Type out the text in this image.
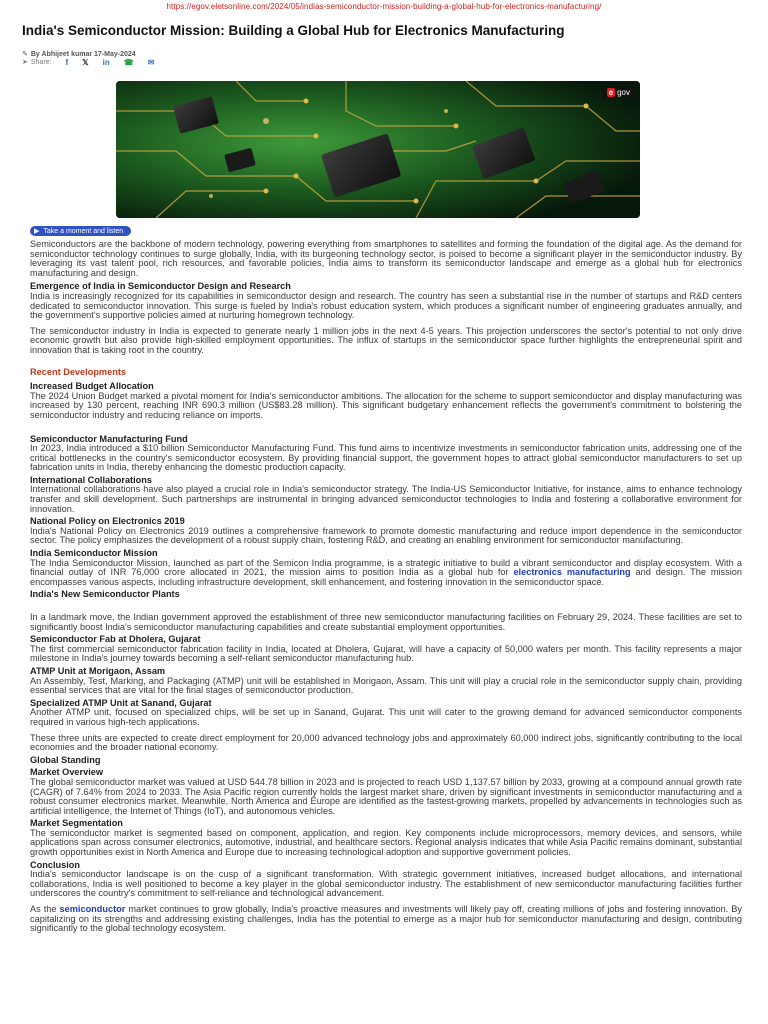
https://egov.eletsonline.com/2024/05/indias-semiconductor-mission-building-a-global-hub-for-electronics-manufacturing/
India's Semiconductor Mission: Building a Global Hub for Electronics Manufacturing
✎ By Abhijeet kumar 17-May-2024
➤ Share: f 𝕏 in ☎ ✉
e gov
▶ Take a moment and listen

Semiconductors are the backbone of modern technology, powering everything from smartphones to satellites and forming the foundation of the digital age. As the demand for semiconductor technology continues to surge globally, India, with its burgeoning technology sector, is poised to become a significant player in the semiconductor industry. By leveraging its vast talent pool, rich resources, and favorable policies, India aims to transform its semiconductor landscape and emerge as a global hub for electronics manufacturing and design.

Emergence of India in Semiconductor Design and Research

India is increasingly recognized for its capabilities in semiconductor design and research. The country has seen a substantial rise in the number of startups and R&D centers dedicated to semiconductor innovation. This surge is fueled by India's robust education system, which produces a significant number of engineering graduates annually, and the government's supportive policies aimed at nurturing homegrown technology.

The semiconductor industry in India is expected to generate nearly 1 million jobs in the next 4-5 years. This projection underscores the sector's potential to not only drive economic growth but also provide high-skilled employment opportunities. The influx of startups in the semiconductor space further highlights the entrepreneurial spirit and innovation that is taking root in the country.

Recent Developments
Increased Budget Allocation

The 2024 Union Budget marked a pivotal moment for India's semiconductor ambitions. The allocation for the scheme to support semiconductor and display manufacturing was increased by 130 percent, reaching INR 690.3 million (US$83.28 million). This significant budgetary enhancement reflects the government's commitment to bolstering the semiconductor industry and reducing reliance on imports.

Semiconductor Manufacturing Fund

In 2023, India introduced a $10 billion Semiconductor Manufacturing Fund. This fund aims to incentivize investments in semiconductor fabrication units, addressing one of the critical bottlenecks in the country's semiconductor ecosystem. By providing financial support, the government hopes to attract global semiconductor manufacturers to set up fabrication units in India, thereby enhancing the domestic production capacity.

International Collaborations

International collaborations have also played a crucial role in India's semiconductor strategy. The India-US Semiconductor Initiative, for instance, aims to enhance technology transfer and skill development. Such partnerships are instrumental in bringing advanced semiconductor technologies to India and fostering a collaborative environment for innovation.

National Policy on Electronics 2019

India's National Policy on Electronics 2019 outlines a comprehensive framework to promote domestic manufacturing and reduce import dependence in the semiconductor sector. The policy emphasizes the development of a robust supply chain, fostering R&D, and creating an enabling environment for semiconductor manufacturing.

India Semiconductor Mission

The India Semiconductor Mission, launched as part of the Semicon India programme, is a strategic initiative to build a vibrant semiconductor and display ecosystem. With a financial outlay of INR 76,000 crore allocated in 2021, the mission aims to position India as a global hub for electronics manufacturing and design. The mission encompasses various aspects, including infrastructure development, skill enhancement, and fostering innovation in the semiconductor space.

India's New Semiconductor Plants

In a landmark move, the Indian government approved the establishment of three new semiconductor manufacturing facilities on February 29, 2024. These facilities are set to significantly boost India's semiconductor manufacturing capabilities and create substantial employment opportunities.

Semiconductor Fab at Dholera, Gujarat

The first commercial semiconductor fabrication facility in India, located at Dholera, Gujarat, will have a capacity of 50,000 wafers per month. This facility represents a major milestone in India's journey towards becoming a self-reliant semiconductor manufacturing hub.

ATMP Unit at Morigaon, Assam

An Assembly, Test, Marking, and Packaging (ATMP) unit will be established in Morigaon, Assam. This unit will play a crucial role in the semiconductor supply chain, providing essential services that are vital for the final stages of semiconductor production.

Specialized ATMP Unit at Sanand, Gujarat

Another ATMP unit, focused on specialized chips, will be set up in Sanand, Gujarat. This unit will cater to the growing demand for advanced semiconductor components required in various high-tech applications.

These three units are expected to create direct employment for 20,000 advanced technology jobs and approximately 60,000 indirect jobs, significantly contributing to the local economies and the broader national economy.

Global Standing
Market Overview

The global semiconductor market was valued at USD 544.78 billion in 2023 and is projected to reach USD 1,137.57 billion by 2033, growing at a compound annual growth rate (CAGR) of 7.64% from 2024 to 2033. The Asia Pacific region currently holds the largest market share, driven by significant investments in semiconductor manufacturing and a robust consumer electronics market. Meanwhile, North America and Europe are identified as the fastest-growing markets, propelled by advancements in technologies such as artificial intelligence, the Internet of Things (IoT), and autonomous vehicles.

Market Segmentation

The semiconductor market is segmented based on component, application, and region. Key components include microprocessors, memory devices, and sensors, while applications span across consumer electronics, automotive, industrial, and healthcare sectors. Regional analysis indicates that while Asia Pacific remains dominant, substantial growth opportunities exist in North America and Europe due to increasing technological adoption and supportive government policies.

Conclusion

India's semiconductor landscape is on the cusp of a significant transformation. With strategic government initiatives, increased budget allocations, and international collaborations, India is well positioned to become a key player in the global semiconductor industry. The establishment of new semiconductor manufacturing facilities further underscores the country's commitment to self-reliance and technological advancement.

As the semiconductor market continues to grow globally, India's proactive measures and investments will likely pay off, creating millions of jobs and fostering innovation. By capitalizing on its strengths and addressing existing challenges, India has the potential to emerge as a major hub for semiconductor manufacturing and design, contributing significantly to the global technology ecosystem.
